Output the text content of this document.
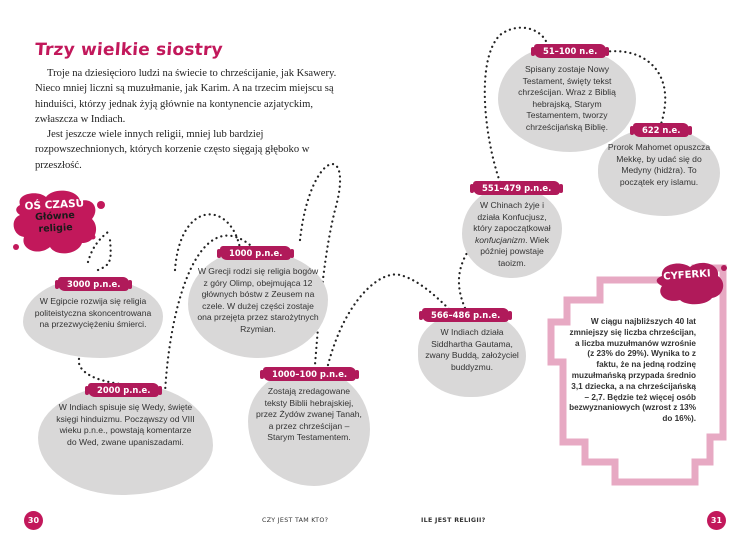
Trzy wielkie siostry

Troje na dziesięcioro ludzi na świecie to chrześcijanie, jak Ksawery. Nieco mniej liczni są muzułmanie, jak Karim. A na trzecim miejscu są hinduiści, którzy jednak żyją głównie na kontynencie azjatyckim, zwłaszcza w Indiach.

Jest jeszcze wiele innych religii, mniej lub bardziej rozpowszechnionych, których korzenie często sięgają głęboko w przeszłość.

OŚ CZASU
Główne religie
3000 p.n.e.
W Egipcie rozwija się religia politeistyczna skoncentrowana na przezwyciężeniu śmierci.
2000 p.n.e.
W Indiach spisuje się Wedy, święte księgi hinduizmu. Począwszy od VIII wieku p.n.e., powstają komentarze do Wed, zwane upaniszadami.
1000 p.n.e.
W Grecji rodzi się religia bogów z góry Olimp, obejmująca 12 głównych bóstw z Zeusem na czele. W dużej części zostaje ona przejęta przez starożytnych Rzymian.
1000–100 p.n.e.
Zostają zredagowane teksty Biblii hebrajskiej, przez Żydów zwanej Tanah, a przez chrześcijan – Starym Testamentem.
566–486 p.n.e.
W Indiach działa Siddhartha Gautama, zwany Buddą, założyciel buddyzmu.
551–479 p.n.e.
W Chinach żyje i działa Konfucjusz, który zapoczątkował konfucjanizm. Wiek później powstaje taoizm.
51–100 n.e.
Spisany zostaje Nowy Testament, święty tekst chrześcijan. Wraz z Biblią hebrajską, Starym Testamentem, tworzy chrześcijańską Biblię.	622 n.e.
Prorok Mahomet opuszcza Mekkę, by udać się do Medyny (hidżra). To początek ery islamu.
CYFERKI
W ciągu najbliższych 40 lat zmniejszy się liczba chrześcijan, a liczba muzułmanów wzrośnie (z 23% do 29%). Wynika to z faktu, że na jedną rodzinę muzułmańską przypada średnio 3,1 dziecka, a na chrześcijańską – 2,7. Będzie też więcej osób bezwyznaniowych (wzrost z 13% do 16%).
30	CZY JEST TAM KTO?	ILE JEST RELIGII?	31
